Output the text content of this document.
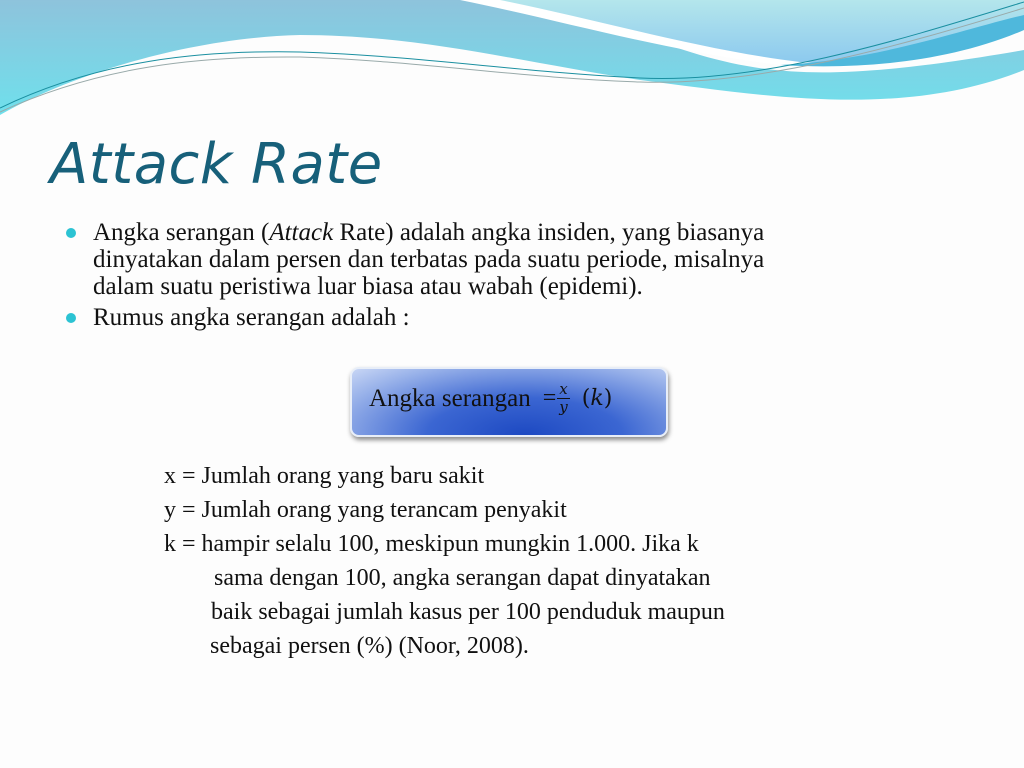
Attack Rate
Angka serangan (Attack Rate) adalah angka insiden, yang biasanya
dinyatakan dalam persen dan terbatas pada suatu periode, misalnya
dalam suatu peristiwa luar biasa atau wabah (epidemi).
Rumus angka serangan adalah :
Angka serangan = $\frac{x}{y} (k)$
x = Jumlah orang yang baru sakit
y = Jumlah orang yang terancam penyakit
k = hampir selalu 100, meskipun mungkin 1.000. Jika k
sama dengan 100, angka serangan dapat dinyatakan
baik sebagai jumlah kasus per 100 penduduk maupun
sebagai persen (%) (Noor, 2008).
